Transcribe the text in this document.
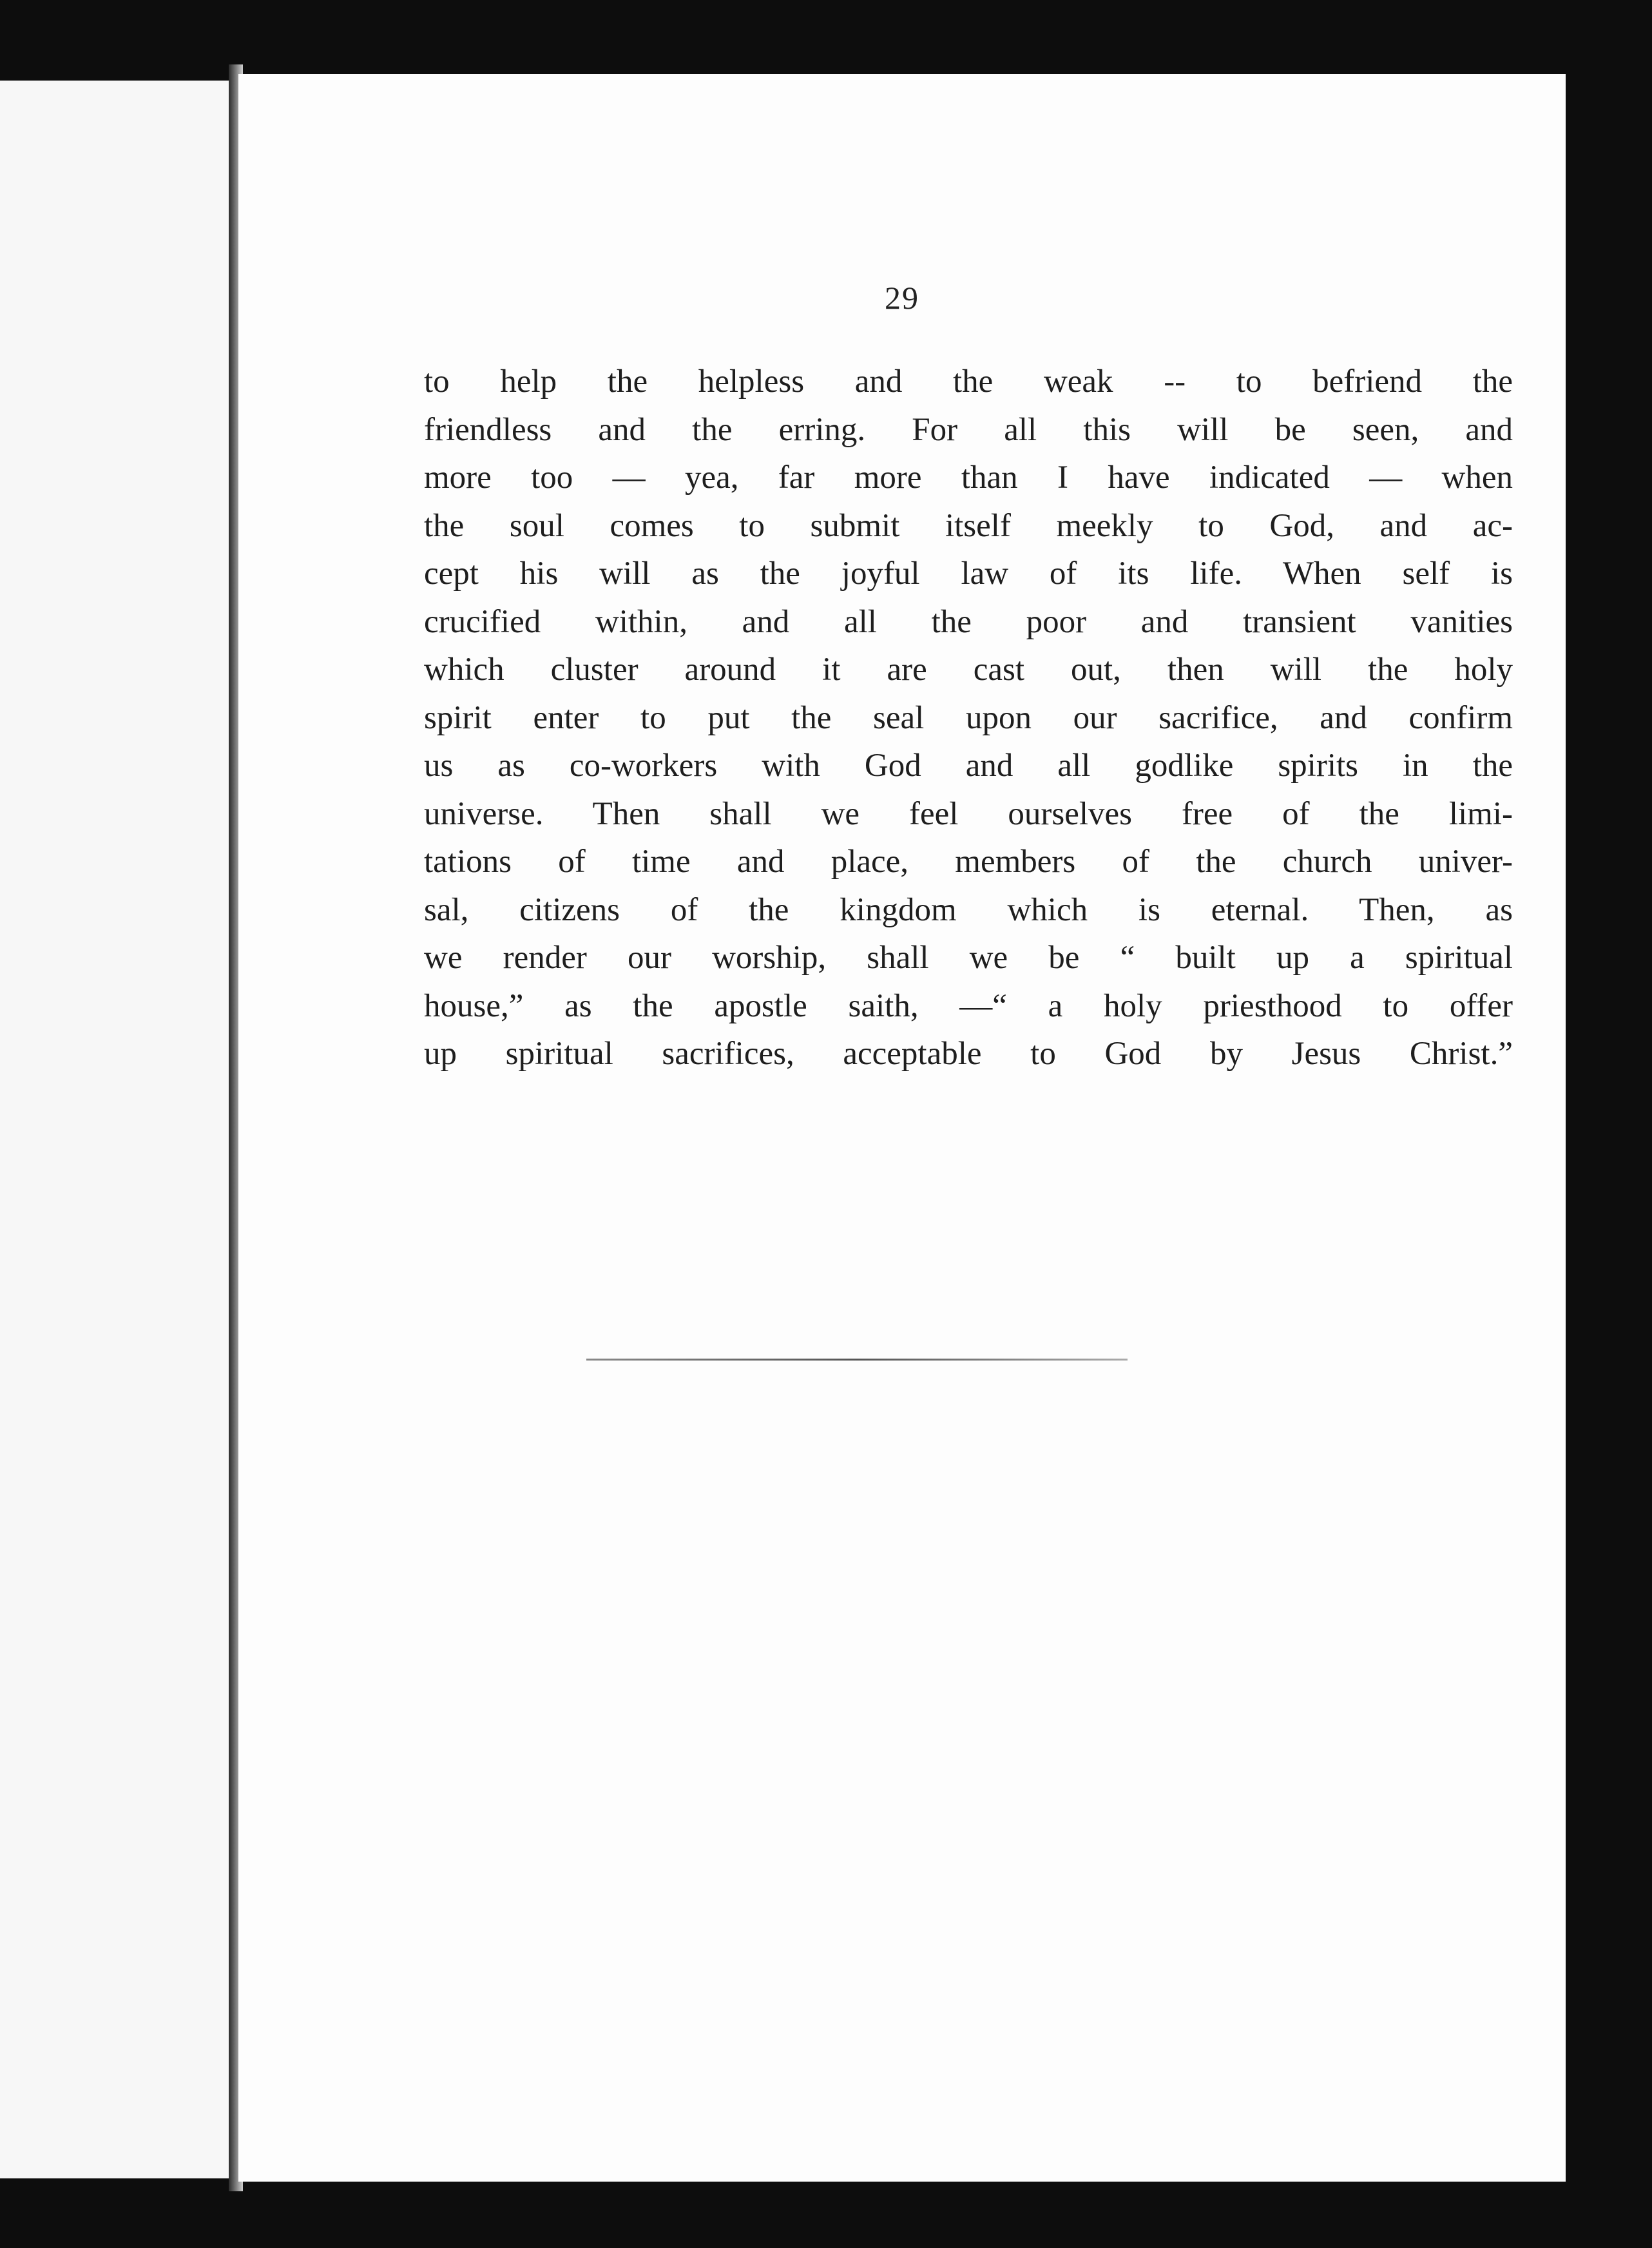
29
to help the helpless and the weak -- to befriend the
friendless and the erring. For all this will be seen, and
more too — yea, far more than I have indicated — when
the soul comes to submit itself meekly to God, and ac-
cept his will as the joyful law of its life. When self is
crucified within, and all the poor and transient vanities
which cluster around it are cast out, then will the holy
spirit enter to put the seal upon our sacrifice, and confirm
us as co-workers with God and all godlike spirits in the
universe. Then shall we feel ourselves free of the limi-
tations of time and place, members of the church univer-
sal, citizens of the kingdom which is eternal. Then, as
we render our worship, shall we be “ built up a spiritual
house,” as the apostle saith, —“ a holy priesthood to offer
up spiritual sacrifices, acceptable to God by Jesus Christ.”
